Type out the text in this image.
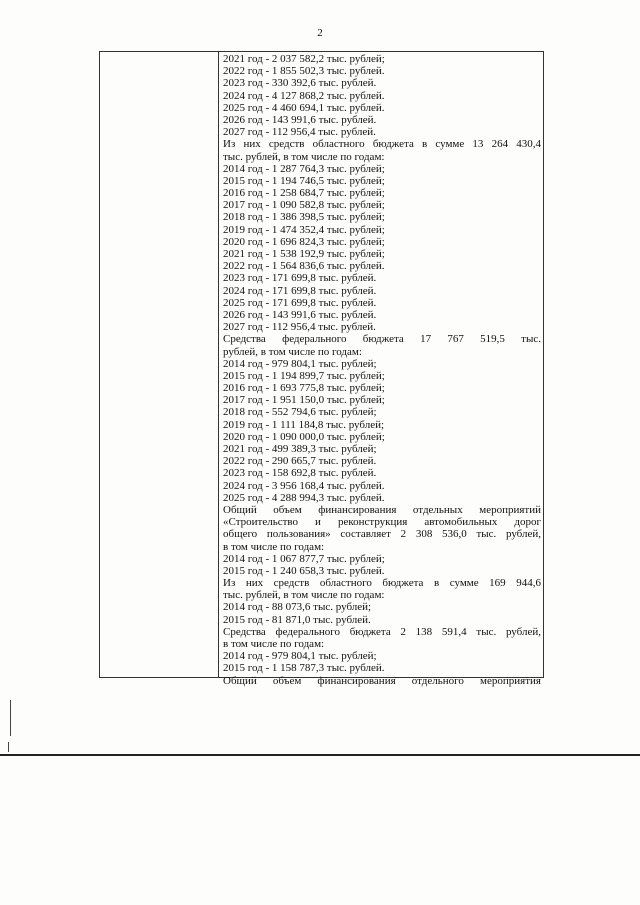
2
2021 год - 2 037 582,2 тыс. рублей;
2022 год - 1 855 502,3 тыс. рублей.
2023 год - 330 392,6 тыс. рублей.
2024 год - 4 127 868,2 тыс. рублей.
2025 год - 4 460 694,1 тыс. рублей.
2026 год - 143 991,6 тыс. рублей.
2027 год - 112 956,4 тыс. рублей.
Из них средств областного бюджета в сумме 13 264 430,4
тыс. рублей, в том числе по годам:
2014 год - 1 287 764,3 тыс. рублей;
2015 год - 1 194 746,5 тыс. рублей;
2016 год - 1 258 684,7 тыс. рублей;
2017 год - 1 090 582,8 тыс. рублей;
2018 год - 1 386 398,5 тыс. рублей;
2019 год - 1 474 352,4 тыс. рублей;
2020 год - 1 696 824,3 тыс. рублей;
2021 год - 1 538 192,9 тыс. рублей;
2022 год - 1 564 836,6 тыс. рублей.
2023 год - 171 699,8 тыс. рублей.
2024 год - 171 699,8 тыс. рублей.
2025 год - 171 699,8 тыс. рублей.
2026 год - 143 991,6 тыс. рублей.
2027 год - 112 956,4 тыс. рублей.
Средства федерального бюджета 17 767 519,5 тыс.
рублей, в том числе по годам:
2014 год - 979 804,1 тыс. рублей;
2015 год - 1 194 899,7 тыс. рублей;
2016 год - 1 693 775,8 тыс. рублей;
2017 год - 1 951 150,0 тыс. рублей;
2018 год - 552 794,6 тыс. рублей;
2019 год - 1 111 184,8 тыс. рублей;
2020 год - 1 090 000,0 тыс. рублей;
2021 год - 499 389,3 тыс. рублей;
2022 год - 290 665,7 тыс. рублей.
2023 год - 158 692,8 тыс. рублей.
2024 год - 3 956 168,4 тыс. рублей.
2025 год - 4 288 994,3 тыс. рублей.
Общий объем финансирования отдельных мероприятий
«Строительство и реконструкция автомобильных дорог
общего пользования» составляет 2 308 536,0 тыс. рублей,
в том числе по годам:
2014 год - 1 067 877,7 тыс. рублей;
2015 год - 1 240 658,3 тыс. рублей.
Из них средств областного бюджета в сумме 169 944,6
тыс. рублей, в том числе по годам:
2014 год - 88 073,6 тыс. рублей;
2015 год - 81 871,0 тыс. рублей.
Средства федерального бюджета 2 138 591,4 тыс. рублей,
в том числе по годам:
2014 год - 979 804,1 тыс. рублей;
2015 год - 1 158 787,3 тыс. рублей.
Общий объем финансирования отдельного мероприятия
